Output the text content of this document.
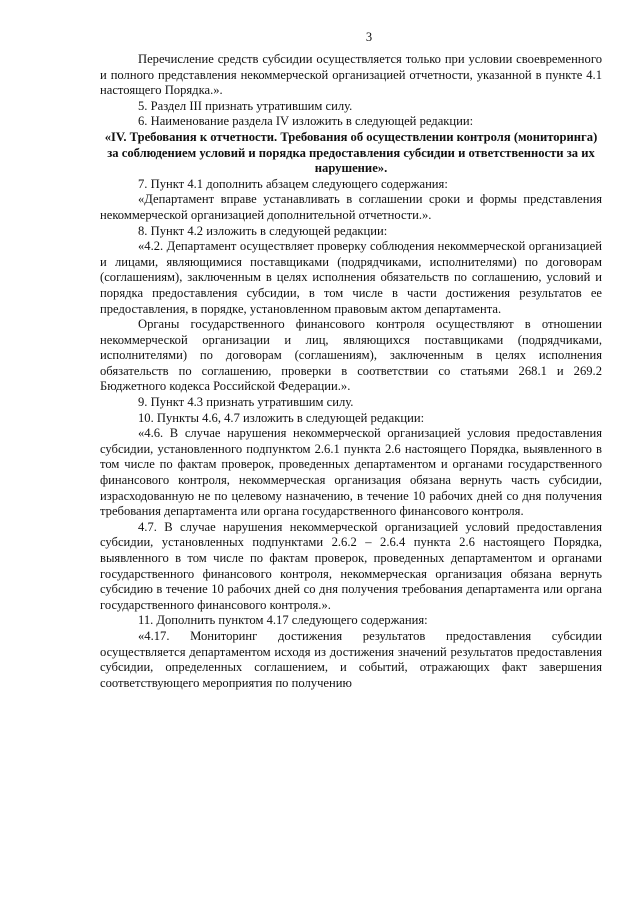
3

Перечисление средств субсидии осуществляется только при условии своевременного и полного представления некоммерческой организацией отчетности, указанной в пункте 4.1 настоящего Порядка.».

5. Раздел III признать утратившим силу.

6. Наименование раздела IV изложить в следующей редакции:

«IV. Требования к отчетности. Требования об осуществлении контроля (мониторинга) за соблюдением условий и порядка предоставления субсидии и ответственности за их нарушение».

7. Пункт 4.1 дополнить абзацем следующего содержания:

«Департамент вправе устанавливать в соглашении сроки и формы представления некоммерческой организацией дополнительной отчетности.».

8. Пункт 4.2 изложить в следующей редакции:

«4.2. Департамент осуществляет проверку соблюдения некоммерческой организацией и лицами, являющимися поставщиками (подрядчиками, исполнителями) по договорам (соглашениям), заключенным в целях исполнения обязательств по соглашению, условий и порядка предоставления субсидии, в том числе в части достижения результатов ее предоставления, в порядке, установленном правовым актом департамента.

Органы государственного финансового контроля осуществляют в отношении некоммерческой организации и лиц, являющихся поставщиками (подрядчиками, исполнителями) по договорам (соглашениям), заключенным в целях исполнения обязательств по соглашению, проверки в соответствии со статьями 268.1 и 269.2 Бюджетного кодекса Российской Федерации.».

9. Пункт 4.3 признать утратившим силу.

10. Пункты 4.6, 4.7 изложить в следующей редакции:

«4.6. В случае нарушения некоммерческой организацией условия предоставления субсидии, установленного подпунктом 2.6.1 пункта 2.6 настоящего Порядка, выявленного в том числе по фактам проверок, проведенных департаментом и органами государственного финансового контроля, некоммерческая организация обязана вернуть часть субсидии, израсходованную не по целевому назначению, в течение 10 рабочих дней со дня получения требования департамента или органа государственного финансового контроля.

4.7. В случае нарушения некоммерческой организацией условий предоставления субсидии, установленных подпунктами 2.6.2 – 2.6.4 пункта 2.6 настоящего Порядка, выявленного в том числе по фактам проверок, проведенных департаментом и органами государственного финансового контроля, некоммерческая организация обязана вернуть субсидию в течение 10 рабочих дней со дня получения требования департамента или органа государственного финансового контроля.».

11. Дополнить пунктом 4.17 следующего содержания:

«4.17. Мониторинг достижения результатов предоставления субсидии осуществляется департаментом исходя из достижения значений результатов предоставления субсидии, определенных соглашением, и событий, отражающих факт завершения соответствующего мероприятия по получению
